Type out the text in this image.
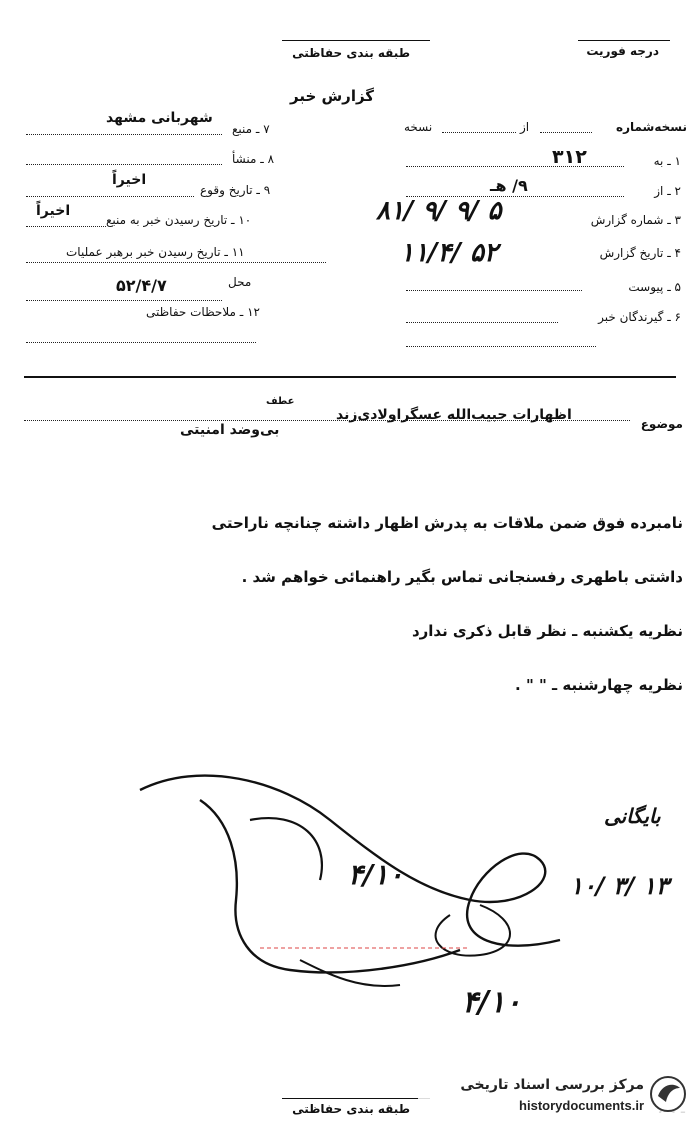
درجه فوریت
طبقه بندی حفاظتی
گزارش خبر
نسخه‌شماره
از
نسخه
۱ ـ به
۳۱۲
۲ ـ از
۹/ هـ
۳ ـ شماره گزارش
۸۱/ ۹/ ۹/ ۵
۴ ـ تاریخ گزارش
۱۱/۴/ ۵۲
۵ ـ پیوست
۶ ـ گیرندگان خبر
۷ ـ منبع
شهربانی مشهد
۸ ـ منشأ
۹ ـ تاریخ وقوع
اخیراً
۱۰ ـ تاریخ رسیدن خبر به منبع
اخیراً
۱۱ ـ تاریخ رسیدن خبر برهبر عملیات
محل
۵۲/۴/۷
۱۲ ـ ملاحظات حفاظتی
موضوع
اظهارات حبیب‌الله عسگراولادی‌زند
عطف
بی‌وضد امنیتی
نامبرده فوق ضمن ملاقات به پدرش اظهار داشته چنانچه ناراحتی
داشتی باطهری رفسنجانی تماس بگیر راهنمائی خواهم شد .
نظریه یکشنبه ـ نظر قابل ذکری ندارد
نظریه چهارشنبه ـ " " .
۴/۱۰
۴/۱۰
۱۰/ ۳/ ۱۳
بایگانی
طبقه بندی حفاظتی
مرکز بررسی اسناد تاریخی
historydocuments.ir
